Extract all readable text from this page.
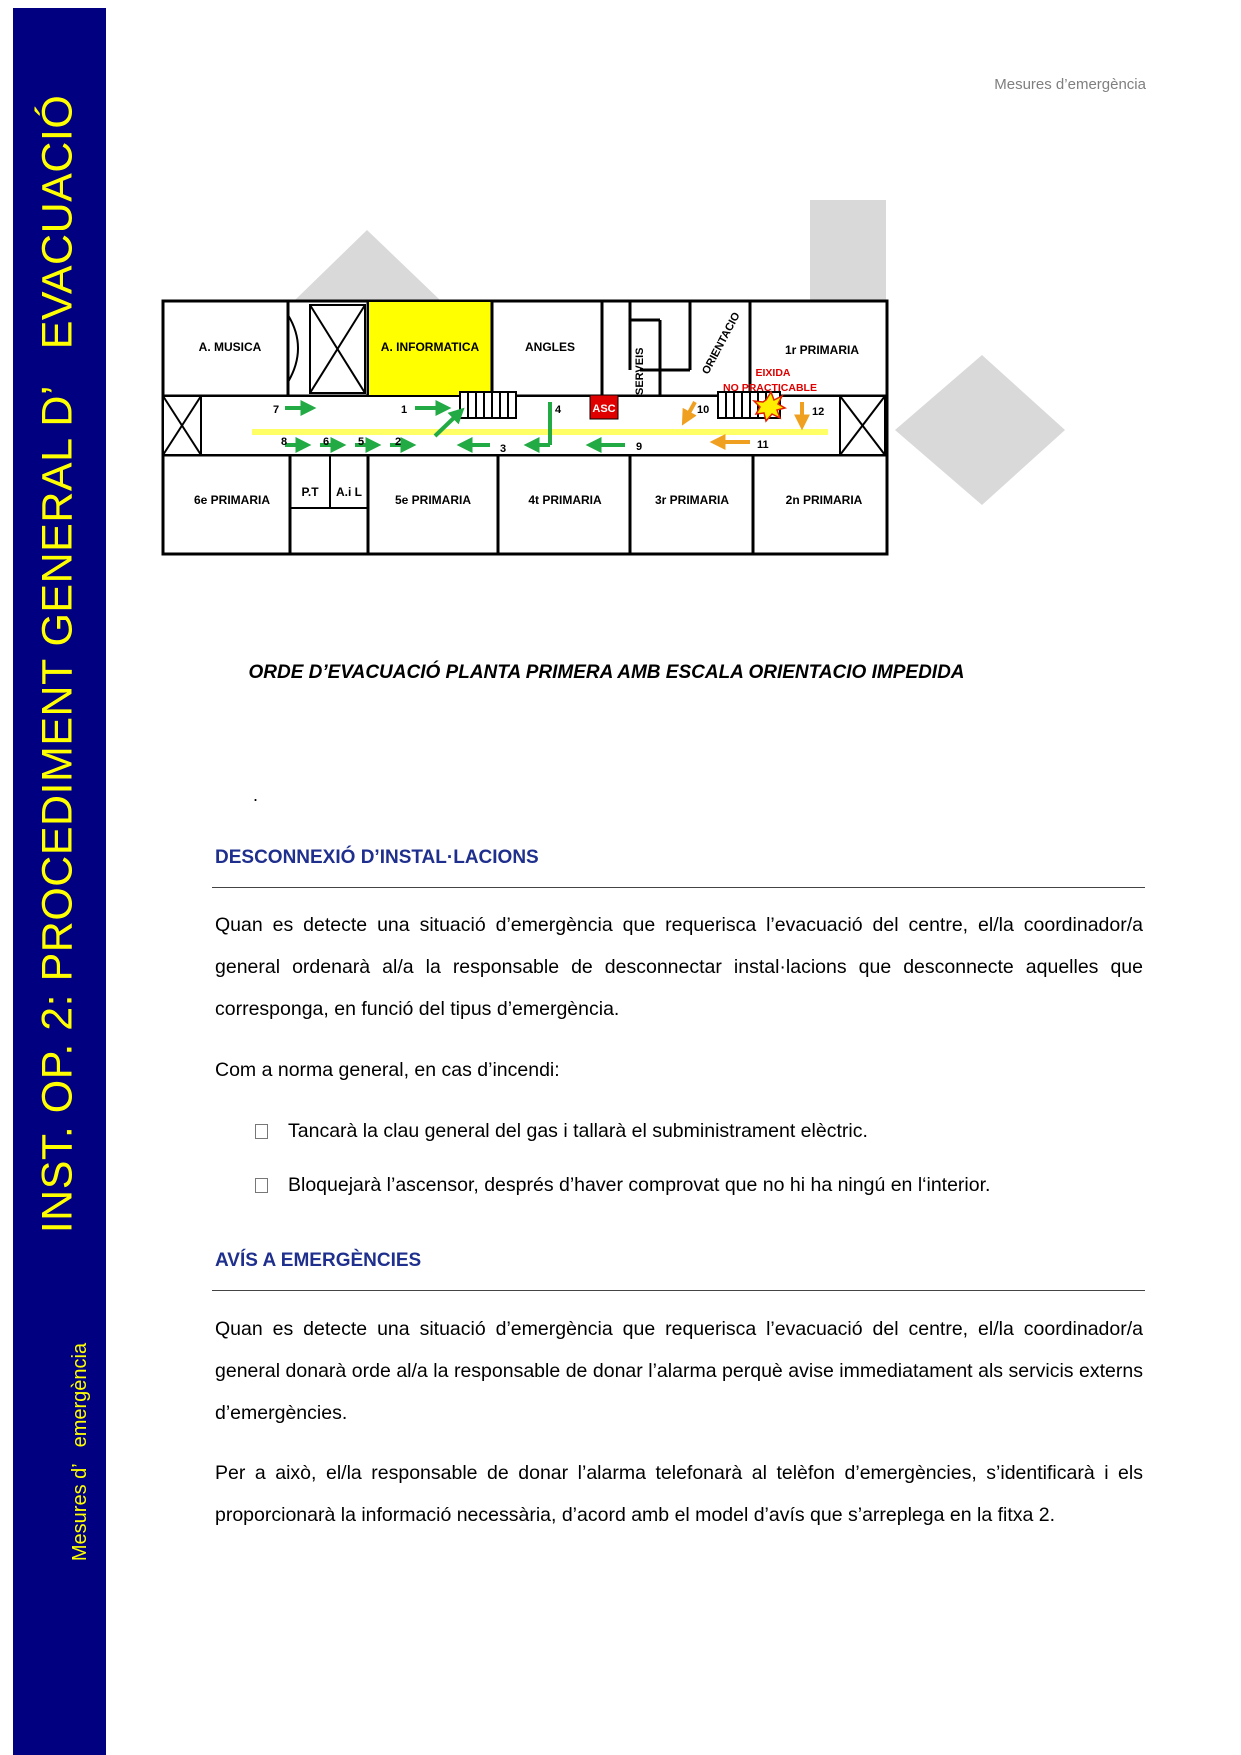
INST. OP. 2: PROCEDIMENT GENERAL D’   EVACUACIÓ
Mesures d’   emergència
Mesures d’emergència
A. MUSICA	A. INFORMATICA	ANGLES
SERVEIS	ORIENTACIO	1r PRIMARIA
EIXIDA
NO PRACTICABLE
ASC
6e PRIMARIA
P.T A.i L
5e PRIMARIA	4t PRIMARIA	3r PRIMARIA	2n PRIMARIA
1
2
3
4
5
6
7
8	9
10
11
12
ORDE D’EVACUACIÓ PLANTA PRIMERA AMB ESCALA ORIENTACIO IMPEDIDA
.
DESCONNEXIÓ D’INSTAL·LACIONS
Quan es detecte una situació d’emergència que requerisca l’evacuació del centre, el/la coordinador/a general ordenarà al/a la responsable de desconnectar instal·lacions que desconnecte aquelles que corresponga, en funció del tipus d’emergència.
Com a norma general, en cas d’incendi:
Tancarà la clau general del gas i tallarà el subministrament elèctric.
Bloquejarà l’ascensor, després d’haver comprovat que no hi ha ningú en l‘interior.
AVÍS A EMERGÈNCIES
Quan es detecte una situació d’emergència que requerisca l’evacuació del centre, el/la coordinador/a general donarà orde al/a la responsable de donar l’alarma perquè avise immediatament als servicis externs d’emergències.
Per a això, el/la responsable de donar l’alarma telefonarà al telèfon d’emergències, s’identificarà i els proporcionarà la informació necessària, d’acord amb el model d’avís que s’arreplega en la fitxa 2.
